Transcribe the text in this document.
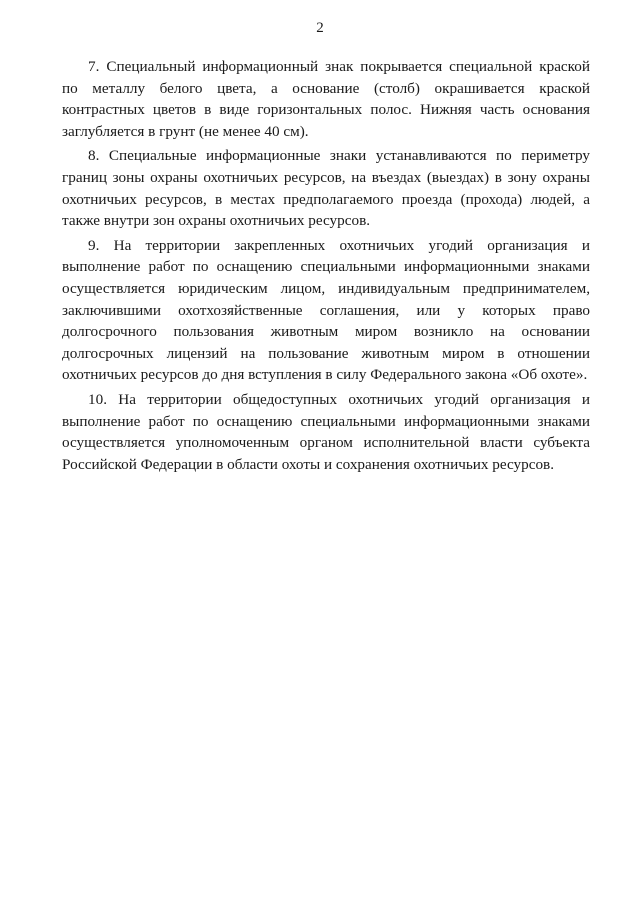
2

7. Специальный информационный знак покрывается специальной краской по металлу белого цвета, а основание (столб) окрашивается краской контрастных цветов в виде горизонтальных полос. Нижняя часть основания заглубляется в грунт (не менее 40 см).

8. Специальные информационные знаки устанавливаются по периметру границ зоны охраны охотничьих ресурсов, на въездах (выездах) в зону охраны охотничьих ресурсов, в местах предполагаемого проезда (прохода) людей, а также внутри зон охраны охотничьих ресурсов.

9. На территории закрепленных охотничьих угодий организация и выполнение работ по оснащению специальными информационными знаками осуществляется юридическим лицом, индивидуальным предпринимателем, заключившими охотхозяйственные соглашения, или у которых право долгосрочного пользования животным миром возникло на основании долгосрочных лицензий на пользование животным миром в отношении охотничьих ресурсов до дня вступления в силу Федерального закона «Об охоте».

10. На территории общедоступных охотничьих угодий организация и выполнение работ по оснащению специальными информационными знаками осуществляется уполномоченным органом исполнительной власти субъекта Российской Федерации в области охоты и сохранения охотничьих ресурсов.
